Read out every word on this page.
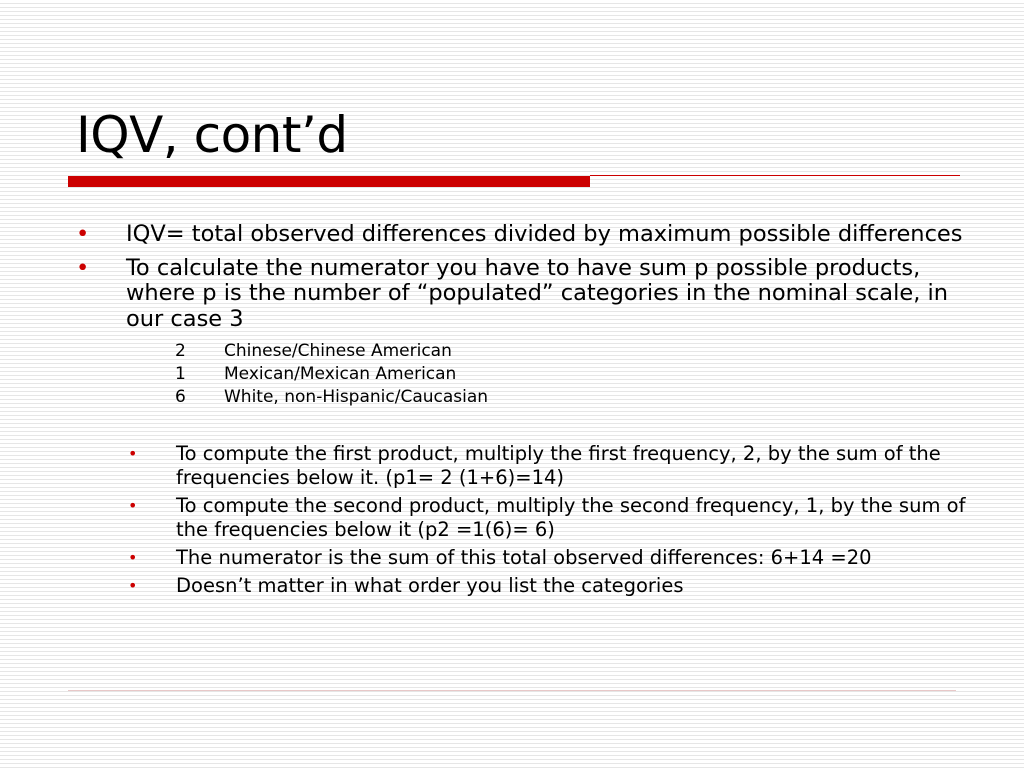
IQV, cont’d
• IQV= total observed differences divided by maximum possible differences
• To calculate the numerator you have to have sum p possible products, where p is the number of “populated” categories in the nominal scale, in our case 3
2	Chinese/Chinese American
1	Mexican/Mexican American
6	White, non-Hispanic/Caucasian
• To compute the first product, multiply the first frequency, 2, by the sum of the frequencies below it. (p1= 2 (1+6)=14)
• To compute the second product, multiply the second frequency, 1, by the sum of the frequencies below it (p2 =1(6)= 6)
• The numerator is the sum of this total observed differences: 6+14 =20
• Doesn’t matter in what order you list the categories
